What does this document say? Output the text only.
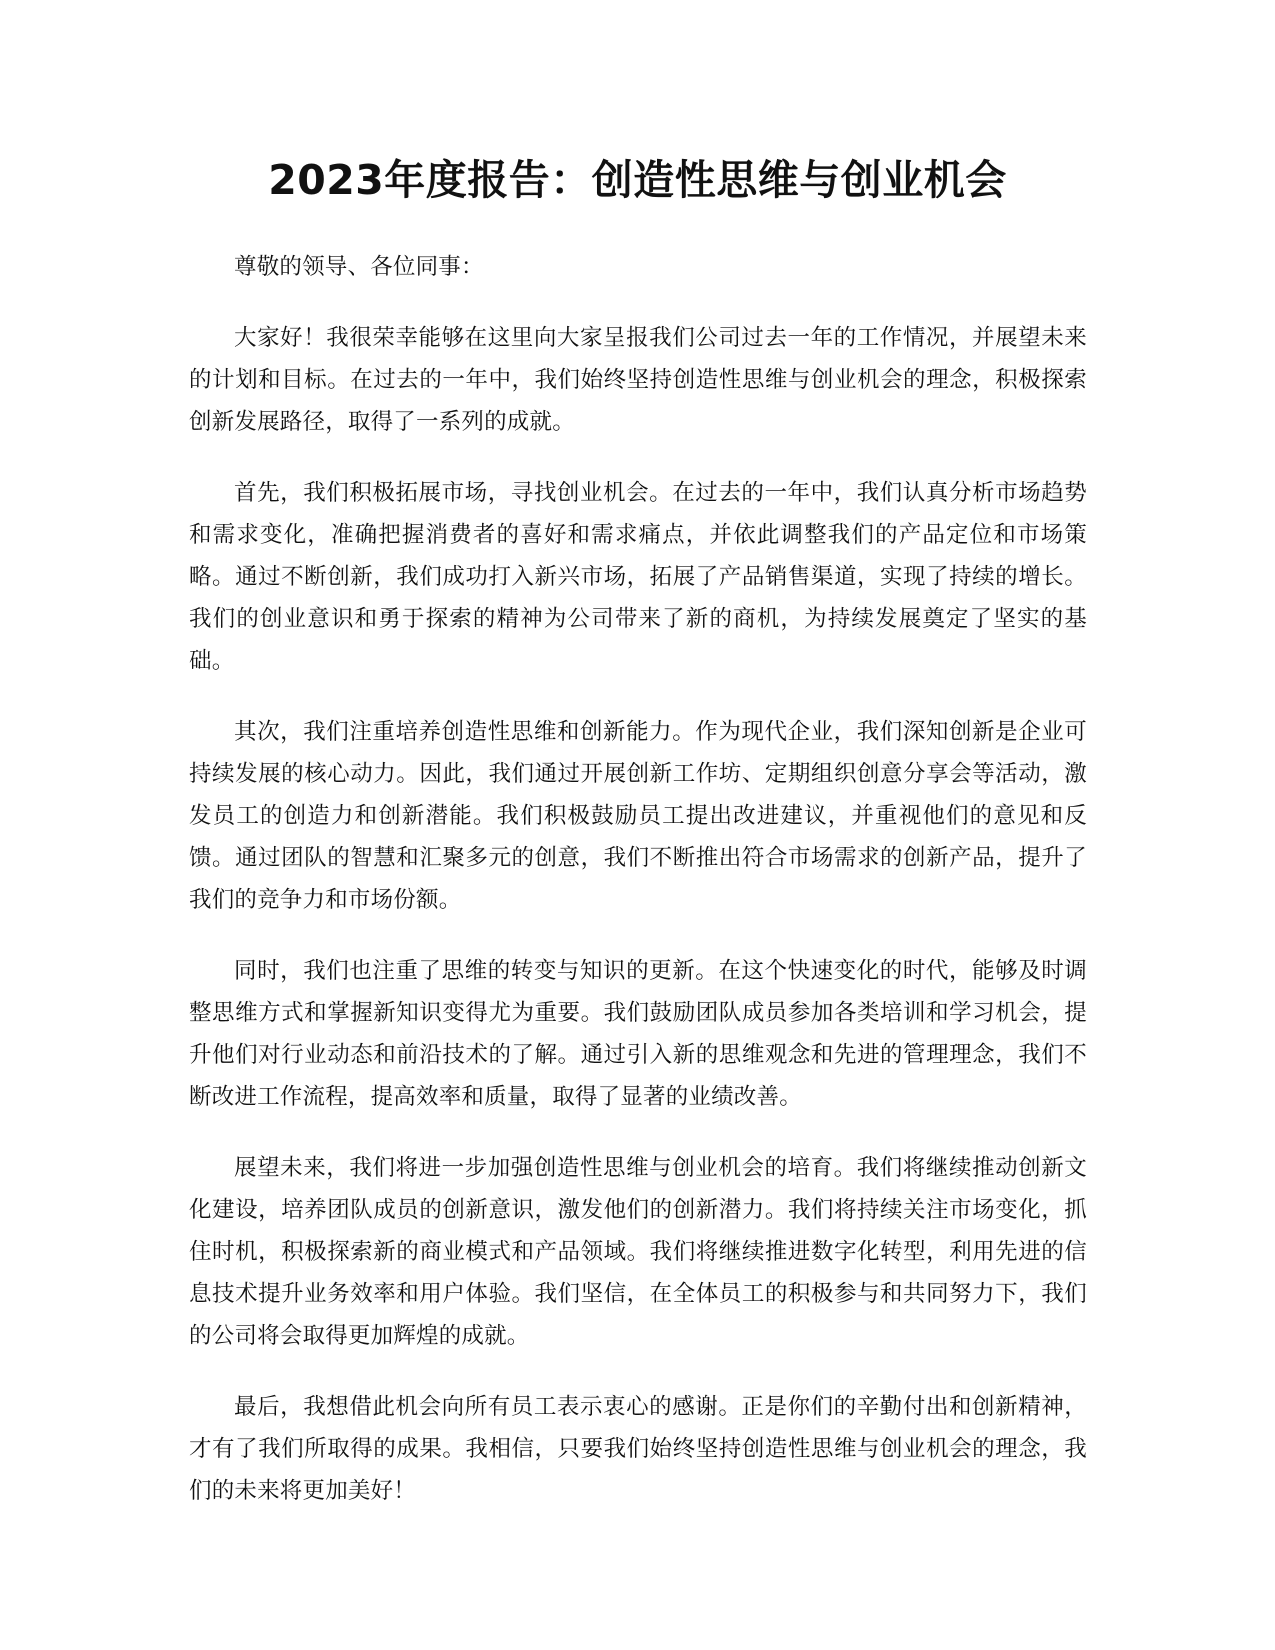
2023年度报告：创造性思维与创业机会

尊敬的领导、各位同事：

大家好！我很荣幸能够在这里向大家呈报我们公司过去一年的工作情况，并展望未来的计划和目标。在过去的一年中，我们始终坚持创造性思维与创业机会的理念，积极探索创新发展路径，取得了一系列的成就。

首先，我们积极拓展市场，寻找创业机会。在过去的一年中，我们认真分析市场趋势和需求变化，准确把握消费者的喜好和需求痛点，并依此调整我们的产品定位和市场策略。通过不断创新，我们成功打入新兴市场，拓展了产品销售渠道，实现了持续的增长。我们的创业意识和勇于探索的精神为公司带来了新的商机，为持续发展奠定了坚实的基础。

其次，我们注重培养创造性思维和创新能力。作为现代企业，我们深知创新是企业可持续发展的核心动力。因此，我们通过开展创新工作坊、定期组织创意分享会等活动，激发员工的创造力和创新潜能。我们积极鼓励员工提出改进建议，并重视他们的意见和反馈。通过团队的智慧和汇聚多元的创意，我们不断推出符合市场需求的创新产品，提升了我们的竞争力和市场份额。

同时，我们也注重了思维的转变与知识的更新。在这个快速变化的时代，能够及时调整思维方式和掌握新知识变得尤为重要。我们鼓励团队成员参加各类培训和学习机会，提升他们对行业动态和前沿技术的了解。通过引入新的思维观念和先进的管理理念，我们不断改进工作流程，提高效率和质量，取得了显著的业绩改善。

展望未来，我们将进一步加强创造性思维与创业机会的培育。我们将继续推动创新文化建设，培养团队成员的创新意识，激发他们的创新潜力。我们将持续关注市场变化，抓住时机，积极探索新的商业模式和产品领域。我们将继续推进数字化转型，利用先进的信息技术提升业务效率和用户体验。我们坚信，在全体员工的积极参与和共同努力下，我们的公司将会取得更加辉煌的成就。

最后，我想借此机会向所有员工表示衷心的感谢。正是你们的辛勤付出和创新精神，才有了我们所取得的成果。我相信，只要我们始终坚持创造性思维与创业机会的理念，我们的未来将更加美好！
